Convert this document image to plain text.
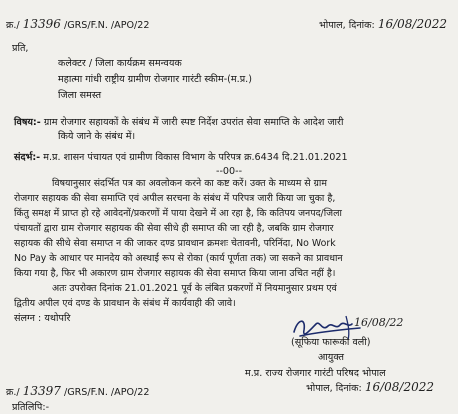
क्र./ 13396 /GRS/F.N. /APO/22	भोपाल, दिनांक: 16/08/2022
प्रति,
कलेक्टर / जिला कार्यक्रम समन्वयक
महात्मा गांधी राष्ट्रीय ग्रामीण रोजगार गारंटी स्कीम-(म.प्र.)
जिला समस्त
विषय:- ग्राम रोजगार सहायकों के संबंध में जारी स्पष्ट निर्देश उपरांत सेवा समाप्ति के आदेश जारी
किये जाने के संबंध में।
संदर्भ:- म.प्र. शासन पंचायत एवं ग्रामीण विकास विभाग के परिपत्र क्र.6434 दि.21.01.2021
--00--
विषयानुसार संदर्भित पत्र का अवलोकन करने का कष्ट करें। उक्त के माध्यम से ग्राम
रोजगार सहायक की सेवा समाप्ति एवं अपील सरचना के संबंध में परिपत्र जारी किया जा चुका है,
किंतु समक्ष में प्राप्त हो रहे आवेदनों/प्रकरणों में पाया देखने में आ रहा है, कि कतिपय जनपद/जिला
पंचायतों द्वारा ग्राम रोजगार सहायक की सेवा सीधे ही समाप्त की जा रही है, जबकि ग्राम रोजगार
सहायक की सीधे सेवा समाप्त न की जाकर दण्ड प्रावधान क्रमशः चेतावनी, परिनिंदा, No Work
No Pay के आधार पर मानदेय को अस्थाई रूप से रोका (कार्य पूर्णता तक) जा सकने का प्रावधान
किया गया है, फिर भी अकारण ग्राम रोजगार सहायक की सेवा समाप्त किया जाना उचित नहीं है।
अतः उपरोक्त दिनांक 21.01.2021 पूर्व के लंबित प्रकरणों में नियमानुसार प्रथम एवं
द्वितीय अपील एवं दण्ड के प्रावधान के संबंध में कार्यवाही की जावे।
संलग्न : यथोपरि	16/08/22
(सूफिया फारूकी वली)
आयुक्त
म.प्र. राज्य रोजगार गारंटी परिषद भोपाल
भोपाल, दिनांक: 16/08/2022
क्र./ 13397 /GRS/F.N. /APO/22
प्रतिलिपि:-
